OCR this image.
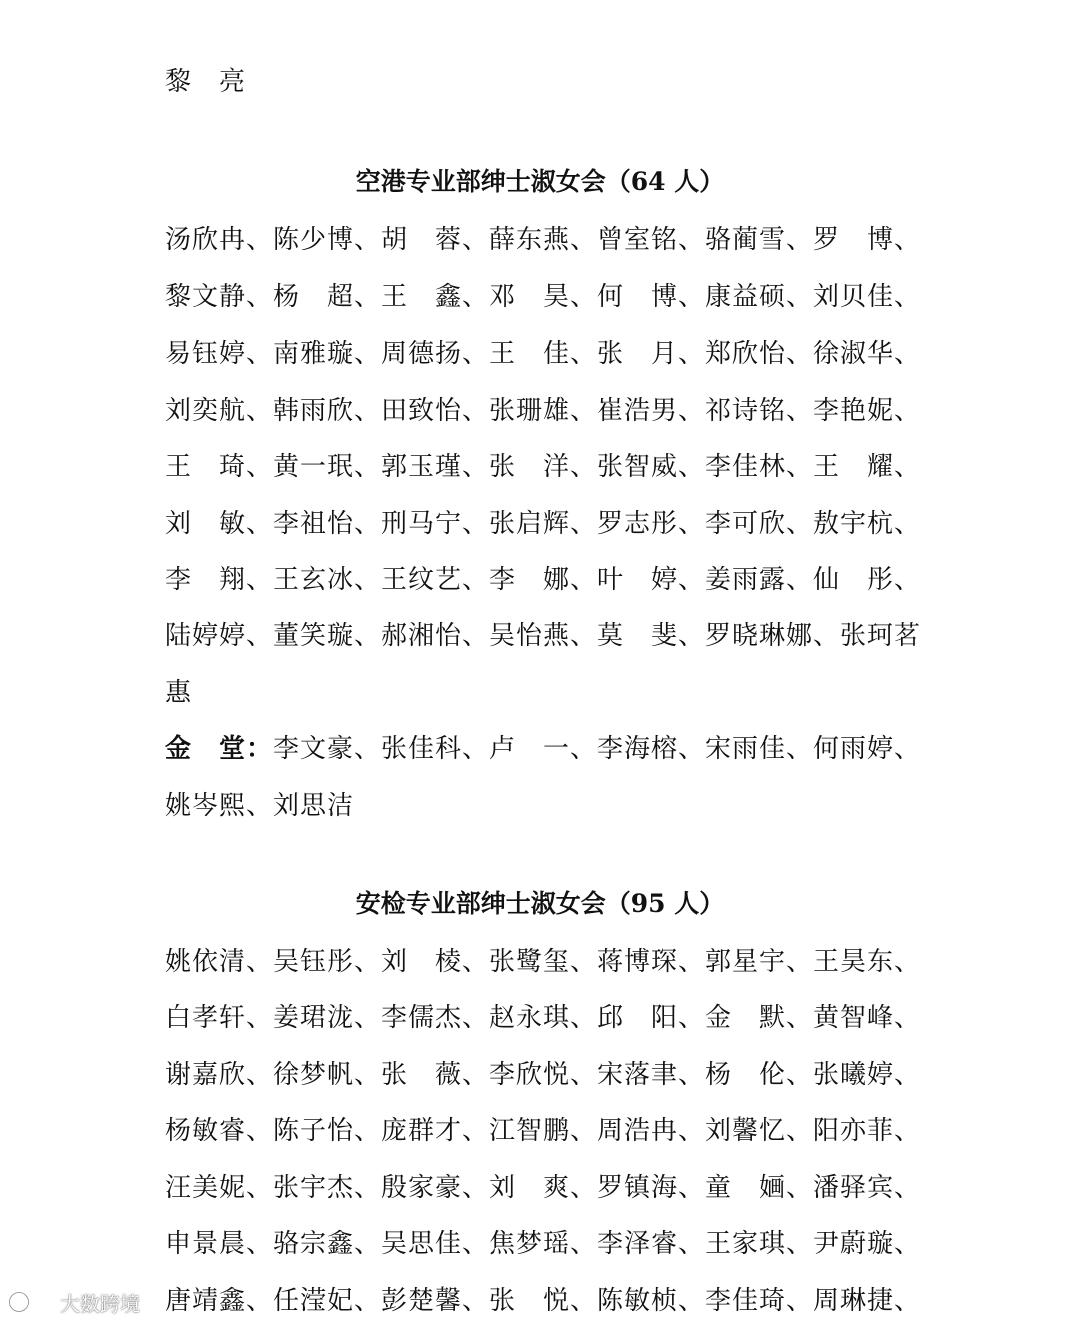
黎　亮
空港专业部绅士淑女会（64 人）
汤欣冉、陈少博、胡　蓉、薛东燕、曾室铭、骆蔺雪、罗　博、
黎文静、杨　超、王　鑫、邓　昊、何　博、康益硕、刘贝佳、
易钰婷、南雅璇、周德扬、王　佳、张　月、郑欣怡、徐淑华、
刘奕航、韩雨欣、田致怡、张珊雄、崔浩男、祁诗铭、李艳妮、
王　琦、黄一珉、郭玉瑾、张　洋、张智威、李佳林、王　耀、
刘　敏、李祖怡、刑马宁、张启辉、罗志彤、李可欣、敖宇杭、
李　翔、王玄冰、王纹艺、李　娜、叶　婷、姜雨露、仙　彤、
陆婷婷、董笑璇、郝湘怡、吴怡燕、莫　斐、罗晓琳娜、张珂茗
惠
金　堂：李文豪、张佳科、卢　一、李海榕、宋雨佳、何雨婷、
姚岑熙、刘思洁
安检专业部绅士淑女会（95 人）
姚依清、吴钰彤、刘　棱、张鹭玺、蒋博琛、郭星宇、王昊东、
白孝轩、姜珺泷、李儒杰、赵永琪、邱　阳、金　默、黄智峰、
谢嘉欣、徐梦帆、张　薇、李欣悦、宋落聿、杨　伦、张曦婷、
杨敏睿、陈子怡、庞群才、江智鹏、周浩冉、刘馨忆、阳亦菲、
汪美妮、张宇杰、殷家豪、刘　爽、罗镇海、童　婳、潘驿宾、
申景晨、骆宗鑫、吴思佳、焦梦瑶、李泽睿、王家琪、尹蔚璇、
唐靖鑫、任滢妃、彭楚馨、张　悦、陈敏桢、李佳琦、周琳捷、
大数跨境
